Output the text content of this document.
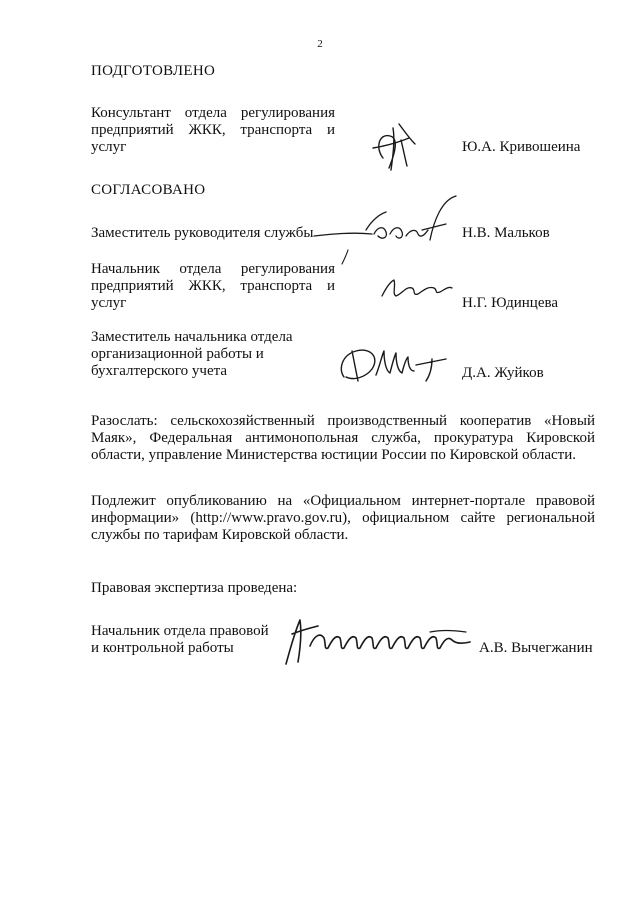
2
ПОДГОТОВЛЕНО
Консультант отдела регулирования
предприятий ЖКК, транспорта и
услуг	Ю.А. Кривошеина
СОГЛАСОВАНО
Заместитель руководителя службы	Н.В. Мальков
Начальник отдела регулирования
предприятий ЖКК, транспорта и
услуг	Н.Г. Юдинцева
Заместитель начальника отдела
организационной работы и
бухгалтерского учета	Д.А. Жуйков
Разослать: сельскохозяйственный производственный кооператив «Новый
Маяк», Федеральная антимонопольная служба, прокуратура Кировской
области, управление Министерства юстиции России по Кировской области.
Подлежит опубликованию на «Официальном интернет-портале правовой
информации» (http://www.pravo.gov.ru), официальном сайте региональной
службы по тарифам Кировской области.
Правовая экспертиза проведена:
Начальник отдела правовой
и контрольной работы	А.В. Вычегжанин
